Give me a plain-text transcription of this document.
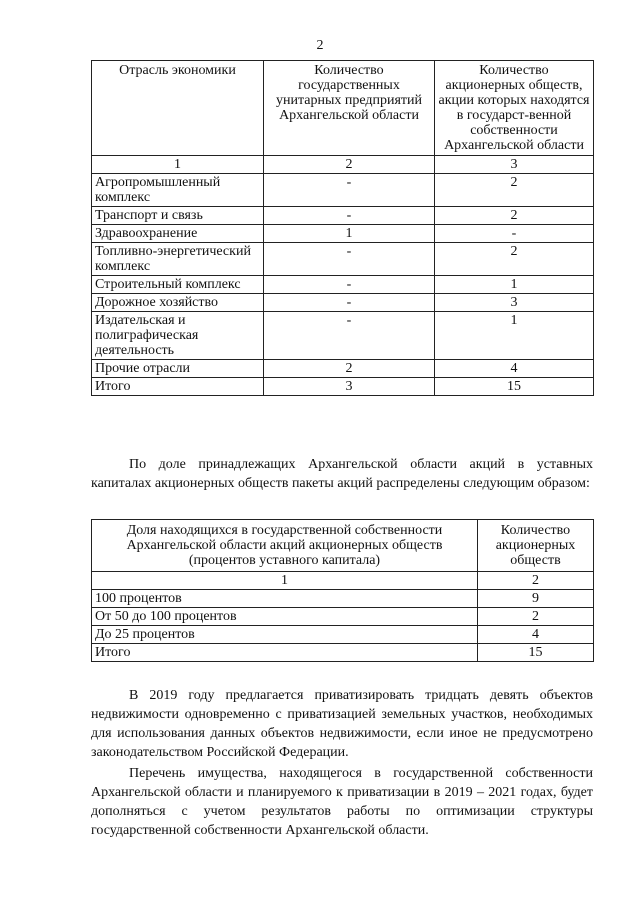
2
Отрасль экономики	Количество государственных унитарных предприятий Архангельской области	Количество акционерных обществ, акции которых находятся в государст-венной собственности Архангельской области
1	2	3
Агропромышленный комплекс	-	2
Транспорт и связь	-	2
Здравоохранение	1	-
Топливно-энергетический комплекс	-	2
Строительный комплекс	-	1
Дорожное хозяйство	-	3
Издательская и полиграфическая деятельность	-	1
Прочие отрасли	2	4
Итого	3	15

По доле принадлежащих Архангельской области акций в уставных капиталах акционерных обществ пакеты акций распределены следующим образом:

Доля находящихся в государственной собственности Архангельской области акций акционерных обществ (процентов уставного капитала)	Количество акционерных обществ
1	2
100 процентов	9
От 50 до 100 процентов	2
До 25 процентов	4
Итого	15

В 2019 году предлагается приватизировать тридцать девять объектов недвижимости одновременно с приватизацией земельных участков, необходимых для использования данных объектов недвижимости, если иное не предусмотрено законодательством Российской Федерации.

Перечень имущества, находящегося в государственной собственности Архангельской области и планируемого к приватизации в 2019 – 2021 годах, будет дополняться с учетом результатов работы по оптимизации структуры государственной собственности Архангельской области.
